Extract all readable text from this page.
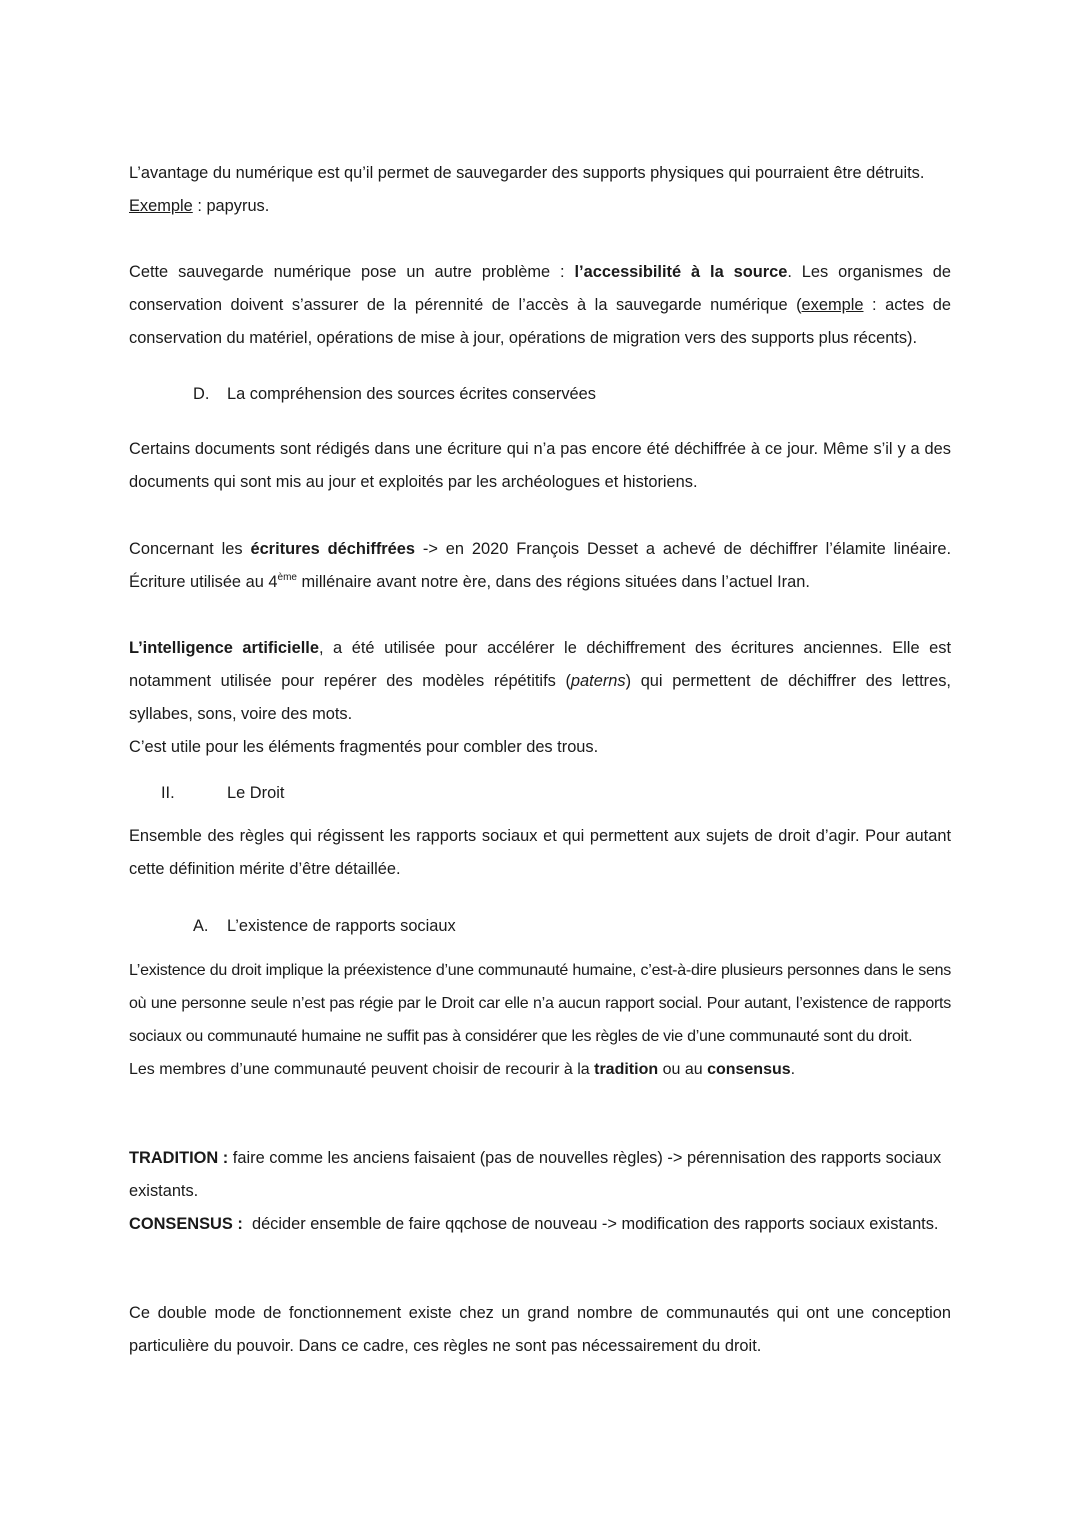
L’avantage du numérique est qu’il permet de sauvegarder des supports physiques qui pourraient être détruits.
Exemple : papyrus.

Cette sauvegarde numérique pose un autre problème : l’accessibilité à la source. Les organismes de conservation doivent s’assurer de la pérennité de l’accès à la sauvegarde numérique (exemple : actes de conservation du matériel, opérations de mise à jour, opérations de migration vers des supports plus récents).

D. La compréhension des sources écrites conservées

Certains documents sont rédigés dans une écriture qui n’a pas encore été déchiffrée à ce jour. Même s’il y a des documents qui sont mis au jour et exploités par les archéologues et historiens.

Concernant les écritures déchiffrées -> en 2020 François Desset a achevé de déchiffrer l’élamite linéaire.
Écriture utilisée au 4ème millénaire avant notre ère, dans des régions situées dans l’actuel Iran.

L’intelligence artificielle, a été utilisée pour accélérer le déchiffrement des écritures anciennes. Elle est notamment utilisée pour repérer des modèles répétitifs (paterns) qui permettent de déchiffrer des lettres, syllabes, sons, voire des mots.
C’est utile pour les éléments fragmentés pour combler des trous.

II.	Le Droit

Ensemble des règles qui régissent les rapports sociaux et qui permettent aux sujets de droit d’agir. Pour autant cette définition mérite d’être détaillée.

A. L’existence de rapports sociaux

L’existence du droit implique la préexistence d’une communauté humaine, c’est-à-dire plusieurs personnes dans le sens où une personne seule n’est pas régie par le Droit car elle n’a aucun rapport social. Pour autant, l’existence de rapports sociaux ou communauté humaine ne suffit pas à considérer que les règles de vie d’une communauté sont du droit.
Les membres d’une communauté peuvent choisir de recourir à la tradition ou au consensus.

TRADITION : faire comme les anciens faisaient (pas de nouvelles règles) -> pérennisation des rapports sociaux existants.
CONSENSUS :  décider ensemble de faire qqchose de nouveau -> modification des rapports sociaux existants.

Ce double mode de fonctionnement existe chez un grand nombre de communautés qui ont une conception particulière du pouvoir. Dans ce cadre, ces règles ne sont pas nécessairement du droit.
